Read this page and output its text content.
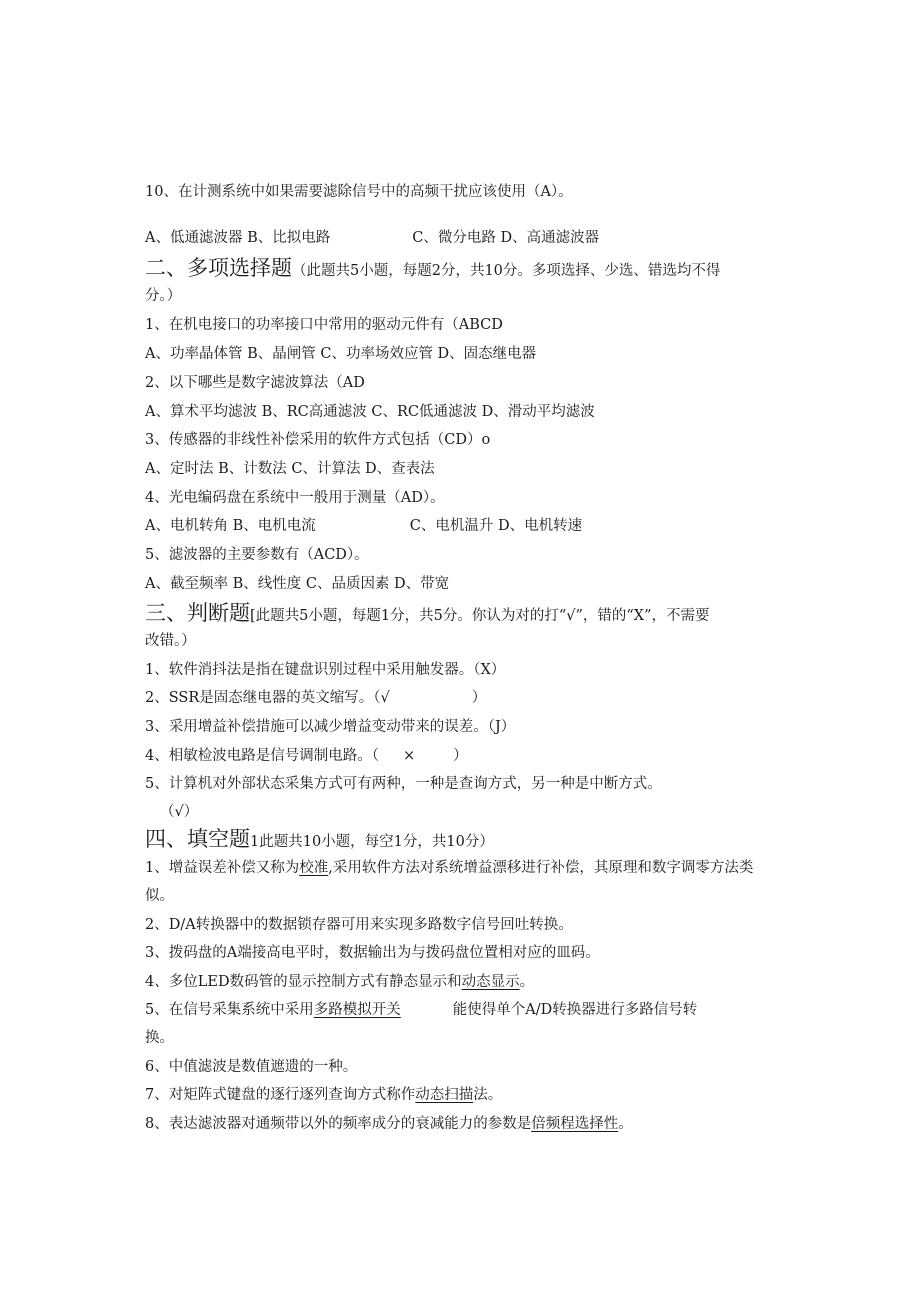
10、在计测系统中如果需要滤除信号中的高频干扰应该使用（A）。

A、低通滤波器 B、比拟电路	C、微分电路 D、高通滤波器

二、多项选择题（此题共5小题，每题2分，共10分。多项选择、少选、错选均不得

分。）

1、在机电接口的功率接口中常用的驱动元件有（ABCD

A、功率晶体管 B、晶闸管 C、功率场效应管 D、固态继电器

2、以下哪些是数字滤波算法（AD

A、算术平均滤波 B、RC高通滤波 C、RC低通滤波 D、滑动平均滤波

3、传感器的非线性补偿采用的软件方式包括（CD）o

A、定时法 B、计数法 C、计算法 D、查表法

4、光电编码盘在系统中一般用于测量（AD）。

A、电机转角 B、电机电流	C、电机温升 D、电机转速

5、滤波器的主要参数有（ACD）。

A、截至频率 B、线性度 C、品质因素 D、带宽

三、判断题[此题共5小题，每题1分，共5分。你认为对的打“√”，错的“X”，不需要

改错。）

1、软件消抖法是指在键盘识别过程中采用触发器。（X）

2、SSR是固态继电器的英文缩写。（√	）

3、采用增益补偿措施可以减少增益变动带来的误差。（J）

4、相敏检波电路是信号调制电路。（ ×	）

5、计算机对外部状态采集方式可有两种，一种是查询方式，另一种是中断方式。

（√）

四、填空题1此题共10小题，每空1分，共10分）

1、增益误差补偿又称为校准,采用软件方法对系统增益漂移进行补偿，其原理和数字调零方法类

似。

2、D/A转换器中的数据锁存器可用来实现多路数字信号回吐转换。

3、拨码盘的A端接高电平时，数据输出为与拨码盘位置相对应的皿码。

4、多位LED数码管的显示控制方式有静态显示和动态显示。

5、在信号采集系统中采用多路模拟开关	能使得单个A/D转换器进行多路信号转

换。

6、中值滤波是数值遮遗的一种。

7、对矩阵式键盘的逐行逐列查询方式称作动态扫描法。

8、表达滤波器对通频带以外的频率成分的衰减能力的参数是倍频程选择性。
